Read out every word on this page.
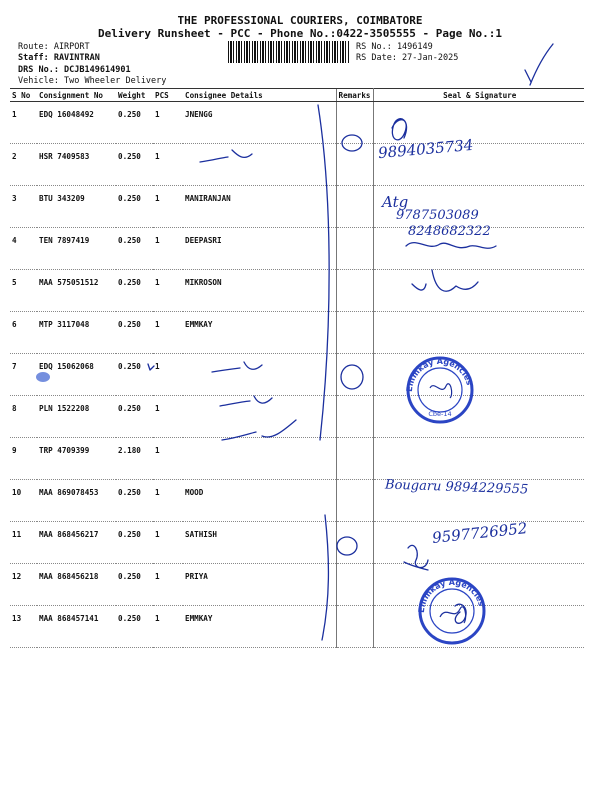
THE PROFESSIONAL COURIERS, COIMBATORE
Delivery Runsheet - PCC - Phone No.:0422-3505555 - Page No.:1
Route: AIRPORT
Staff: RAVINTRAN
DRS No.: DCJB149614901
Vehicle: Two Wheeler Delivery
RS No.: 1496149
RS Date: 27-Jan-2025
S No	Consignment No	Weight	PCS	Consignee Details	Remarks	Seal & Signature
1	EDQ 16048492	0.250	1	JNENGG		
2	HSR 7409583	0.250	1			
3	BTU 343209	0.250	1	MANIRANJAN		
4	TEN 7897419	0.250	1	DEEPASRI		
5	MAA 575051512	0.250	1	MIKROSON		
6	MTP 3117048	0.250	1	EMMKAY		
7	EDQ 15062068	0.250	1			
8	PLN 1522208	0.250	1			
9	TRP 4709399	2.180	1			
10	MAA 869078453	0.250	1	MOOD		
11	MAA 868456217	0.250	1	SATHISH		
12	MAA 868456218	0.250	1	PRIYA		
13	MAA 868457141	0.250	1	EMMKAY		
9894035734
Atg
9787503089
8248682322
Bougaru 9894229555
9597726952
Emmkay Agencies
Cbe-14
Emmkay Agencies
